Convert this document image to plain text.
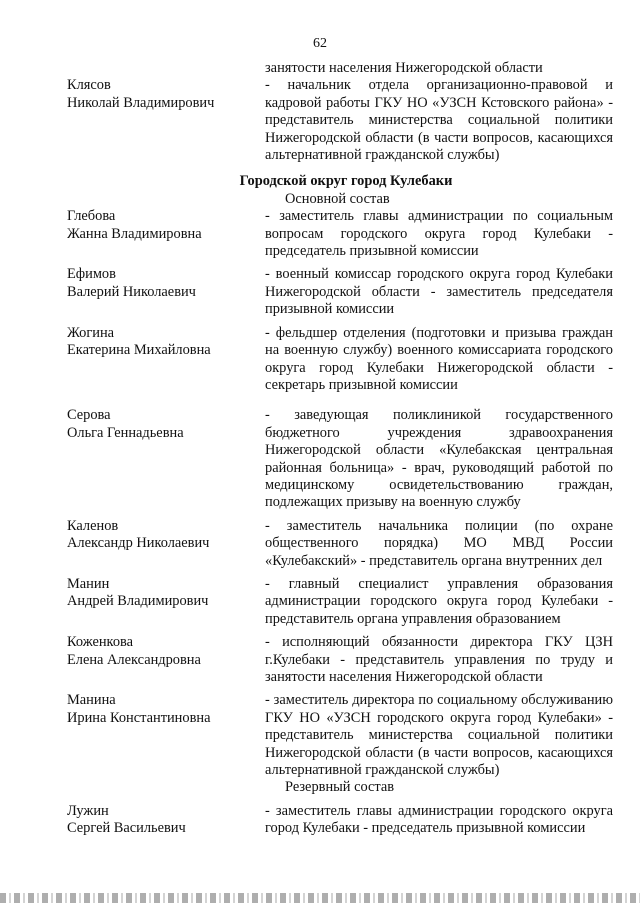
62
занятости населения Нижегородской области
Клясов
Николай Владимирович
- начальник отдела организационно-правовой и кадровой работы ГКУ НО «УЗСН Кстовского района» - представитель министерства социальной политики Нижегородской области (в части вопросов, касающихся альтернативной гражданской службы)
Городской округ город Кулебаки
Основной состав
Глебова
Жанна Владимировна
- заместитель главы администрации по социальным вопросам городского округа город Кулебаки - председатель призывной комиссии
Ефимов
Валерий Николаевич
- военный комиссар городского округа город Кулебаки Нижегородской области - заместитель председателя призывной комиссии
Жогина
Екатерина Михайловна
- фельдшер отделения (подготовки и призыва граждан на военную службу) военного комиссариата городского округа город Кулебаки Нижегородской области - секретарь призывной комиссии
Серова
Ольга Геннадьевна
- заведующая поликлиникой государственного бюджетного учреждения здравоохранения Нижегородской области «Кулебакская центральная районная больница» - врач, руководящий работой по медицинскому освидетельствованию граждан, подлежащих призыву на военную службу
Каленов
Александр Николаевич
- заместитель начальника полиции (по охране общественного порядка) МО МВД России «Кулебакский» - представитель органа внутренних дел
Манин
Андрей Владимирович
- главный специалист управления образования администрации городского округа город Кулебаки - представитель органа управления образованием
Коженкова
Елена Александровна
- исполняющий обязанности директора ГКУ ЦЗН г.Кулебаки - представитель управления по труду и занятости населения Нижегородской области
Манина
Ирина Константиновна
- заместитель директора по социальному обслуживанию ГКУ НО «УЗСН городского округа город Кулебаки» - представитель министерства социальной политики Нижегородской области (в части вопросов, касающихся альтернативной гражданской службы)
Резервный состав
Лужин
Сергей Васильевич
- заместитель главы администрации городского округа город Кулебаки - председатель призывной комиссии
